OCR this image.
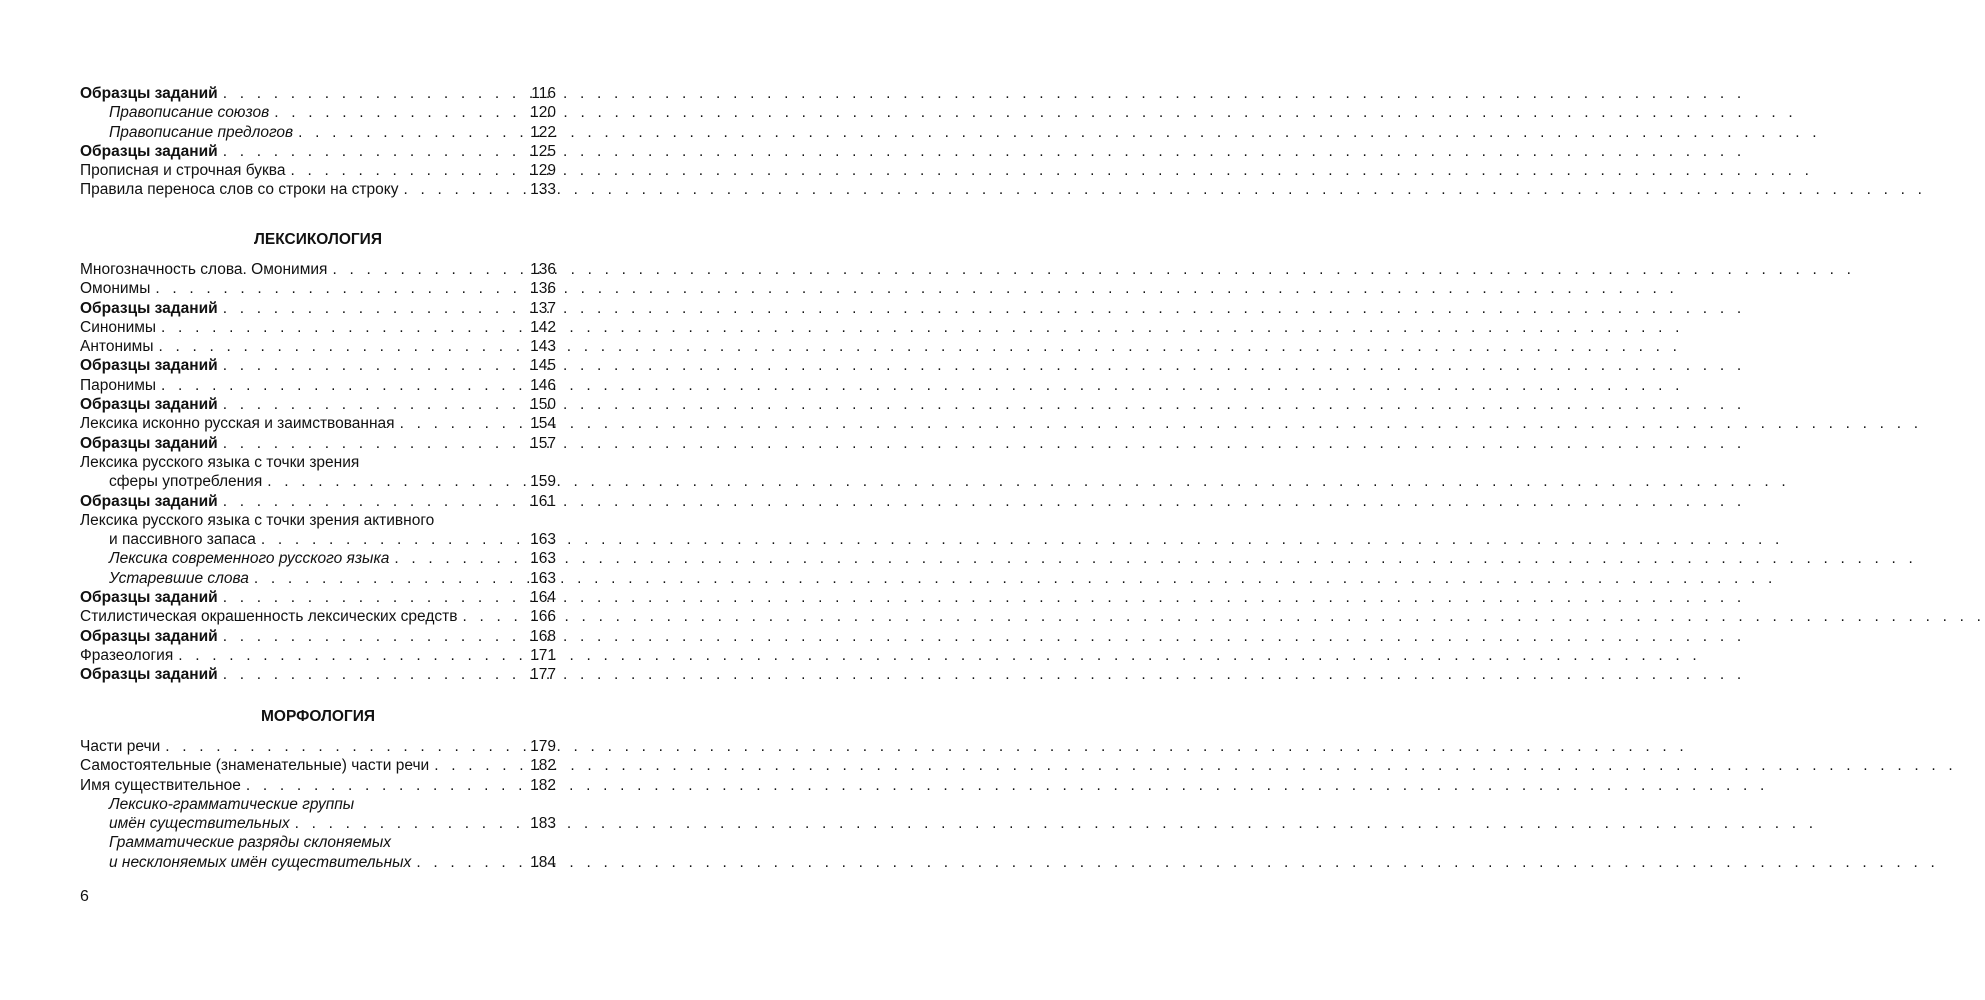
Образцы заданий . . .	116
Правописание союзов . . .	120
Правописание предлогов . . .	122
Образцы заданий . . .	125
Прописная и строчная буква . . .	129
Правила переноса слов со строки на строку . . .	133
ЛЕКСИКОЛОГИЯ
Многозначность слова. Омонимия . . .	136
Омонимы . . .	136
Образцы заданий . . .	137
Синонимы . . .	142
Антонимы . . .	143
Образцы заданий . . .	145
Паронимы . . .	146
Образцы заданий . . .	150
Лексика исконно русская и заимствованная . . .	154
Образцы заданий . . .	157
Лексика русского языка с точки зрения
сферы употребления . . .	159
Образцы заданий . . .	161
Лексика русского языка с точки зрения активного
и пассивного запаса . . .	163
Лексика современного русского языка . . .	163
Устаревшие слова . . .	163
Образцы заданий . . .	164
Стилистическая окрашенность лексических средств . . .	166
Образцы заданий . . .	168
Фразеология . . .	171
Образцы заданий . . .	177
МОРФОЛОГИЯ
Части речи . . .	179
Самостоятельные (знаменательные) части речи . . .	182
Имя существительное . . .	182
Лексико-грамматические группы
имён существительных . . .	183
Грамматические разряды склоняемых
и несклоняемых имён существительных . . .	184
6
